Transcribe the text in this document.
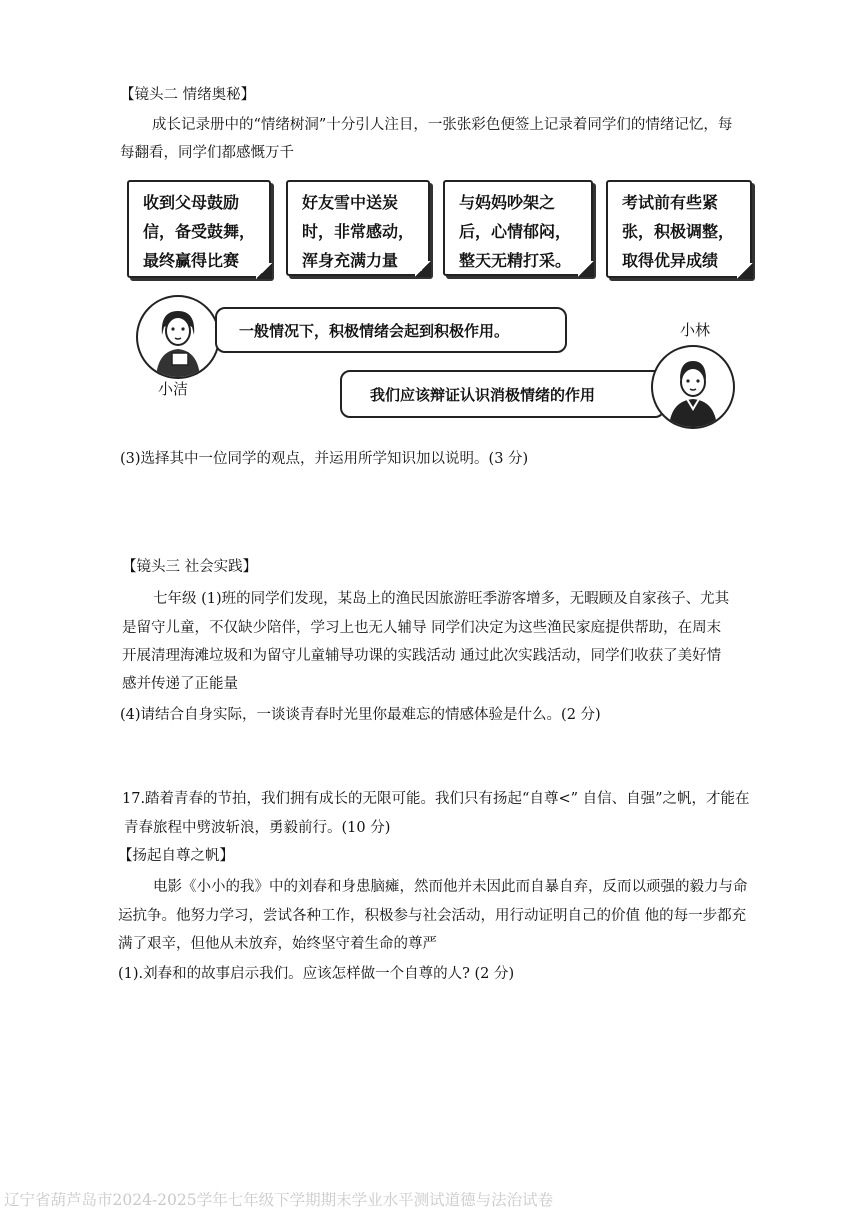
【镜头二 情绪奥秘】
成长记录册中的“情绪树洞”十分引人注目，一张张彩色便签上记录着同学们的情绪记忆，每
每翻看，同学们都感慨万千
收到父母鼓励
信，备受鼓舞，
最终赢得比赛
好友雪中送炭
时，非常感动，
浑身充满力量
与妈妈吵架之
后，心情郁闷，
整天无精打采。
考试前有些紧
张，积极调整，
取得优异成绩
小洁
一般情况下，积极情绪会起到积极作用。	小林
我们应该辩证认识消极情绪的作用
(3)选择其中一位同学的观点，并运用所学知识加以说明。(3 分)
【镜头三 社会实践】
七年级 (1)班的同学们发现，某岛上的渔民因旅游旺季游客增多，无暇顾及自家孩子、尤其
是留守儿童，不仅缺少陪伴，学习上也无人辅导 同学们决定为这些渔民家庭提供帮助，在周末
开展清理海滩垃圾和为留守儿童辅导功课的实践活动 通过此次实践活动，同学们收获了美好情
感并传递了正能量
(4)请结合自身实际，一谈谈青春时光里你最难忘的情感体验是什么。(2 分)
17.踏着青春的节拍，我们拥有成长的无限可能。我们只有扬起“自尊<” 自信、自强”之帆，才能在
青春旅程中劈波斩浪，勇毅前行。(10 分)
【扬起自尊之帆】
电影《小小的我》中的刘春和身患脑瘫，然而他并未因此而自暴自弃，反而以顽强的毅力与命
运抗争。他努力学习，尝试各种工作，积极参与社会活动，用行动证明自己的价值 他的每一步都充
满了艰辛，但他从未放弃，始终坚守着生命的尊严
(1).刘春和的故事启示我们。应该怎样做一个自尊的人? (2 分)
辽宁省葫芦岛市2024-2025学年七年级下学期期末学业水平测试道德与法治试卷
